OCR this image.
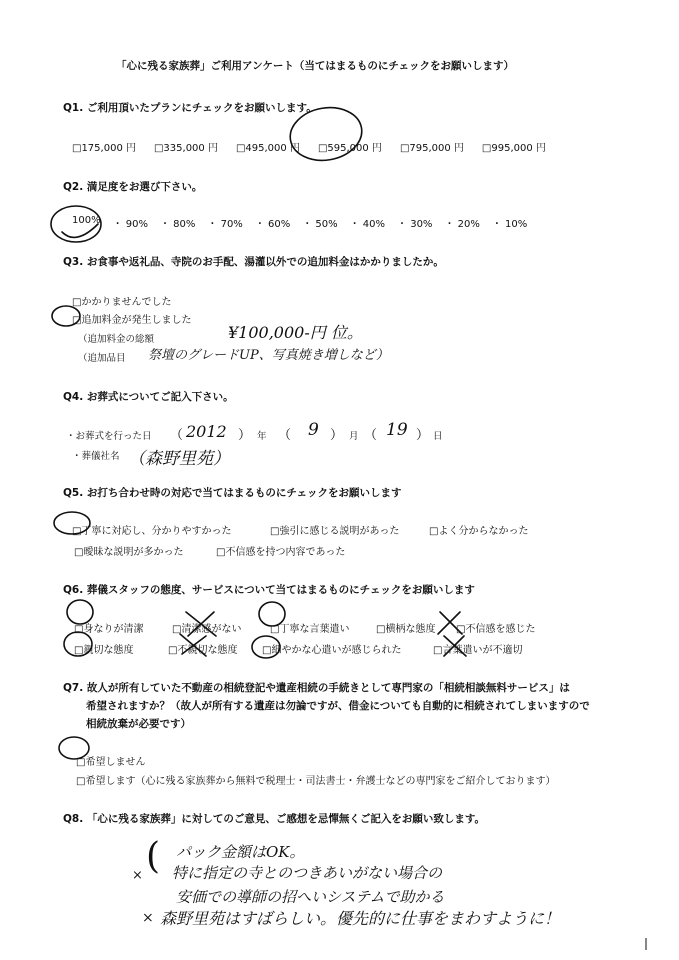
「心に残る家族葬」ご利用アンケート（当てはまるものにチェックをお願いします）
Q1. ご利用頂いたプランにチェックをお願いします。
□175,000 円 □335,000 円 □495,000 円 □595,000 円 □795,000 円 □995,000 円
Q2. 満足度をお選び下さい。
100% ・ 90% ・ 80% ・ 70% ・ 60% ・ 50% ・ 40% ・ 30% ・ 20% ・ 10%
Q3. お食事や返礼品、寺院のお手配、湯灌以外での追加料金はかかりましたか。
□かかりませんでした
□追加料金が発生しました
（追加料金の総額
（追加品目
¥100,000-円 位。
祭壇のグレードUP、写真焼き増しなど）
Q4. お葬式についてご記入下さい。
・お葬式を行った日 （ 2012 ） 年 （ 9 ） 月 （ 19 ） 日
・葬儀社名 （森野里苑）
Q5. お打ち合わせ時の対応で当てはまるものにチェックをお願いします
□丁寧に対応し、分かりやすかった	□強引に感じる説明があった	□よく分からなかった
□曖昧な説明が多かった	□不信感を持つ内容であった
Q6. 葬儀スタッフの態度、サービスについて当てはまるものにチェックをお願いします
□身なりが清潔	□清潔感がない	□丁寧な言葉遣い	□横柄な態度 □不信感を感じた
□親切な態度	□不親切な態度 □細やかな心遣いが感じられた	□言葉遣いが不適切
Q7. 故人が所有していた不動産の相続登記や遺産相続の手続きとして専門家の「相続相談無料サービス」は
希望されますか？（故人が所有する遺産は勿論ですが、借金についても自動的に相続されてしまいますので
相続放棄が必要です）
□希望しません
□希望します（心に残る家族葬から無料で税理士・司法書士・弁護士などの専門家をご紹介しております）
Q8. 「心に残る家族葬」に対してのご意見、ご感想を忌憚無くご記入をお願い致します。
(
×
パック金額はOK。
特に指定の寺とのつきあいがない場合の
安価での導師の招へいシステムで助かる
× 森野里苑はすばらしい。優先的に仕事をまわすように！
